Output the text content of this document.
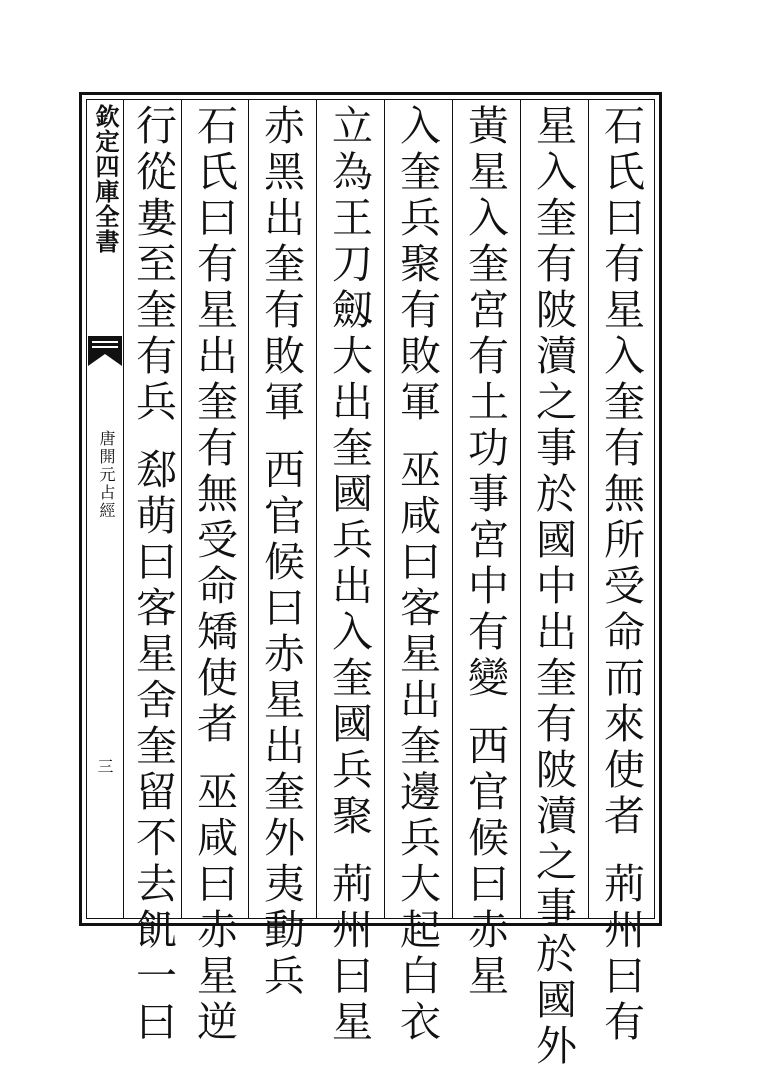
欽定四庫全書
唐開元占經
三	石氏曰有星入奎有無所受命而來使者荊州曰有
星入奎有陂瀆之事於國中出奎有陂瀆之事於國外
黃星入奎宮有土功事宮中有變西官候曰赤星
入奎兵聚有敗軍巫咸曰客星出奎邊兵大起白衣
立為王刀劔大出奎國兵出入奎國兵聚荊州曰星
赤黑出奎有敗軍西官候曰赤星出奎外夷動兵
石氏曰有星出奎有無受命矯使者巫咸曰赤星逆
行從婁至奎有兵郄萌曰客星舍奎留不去飢一曰
